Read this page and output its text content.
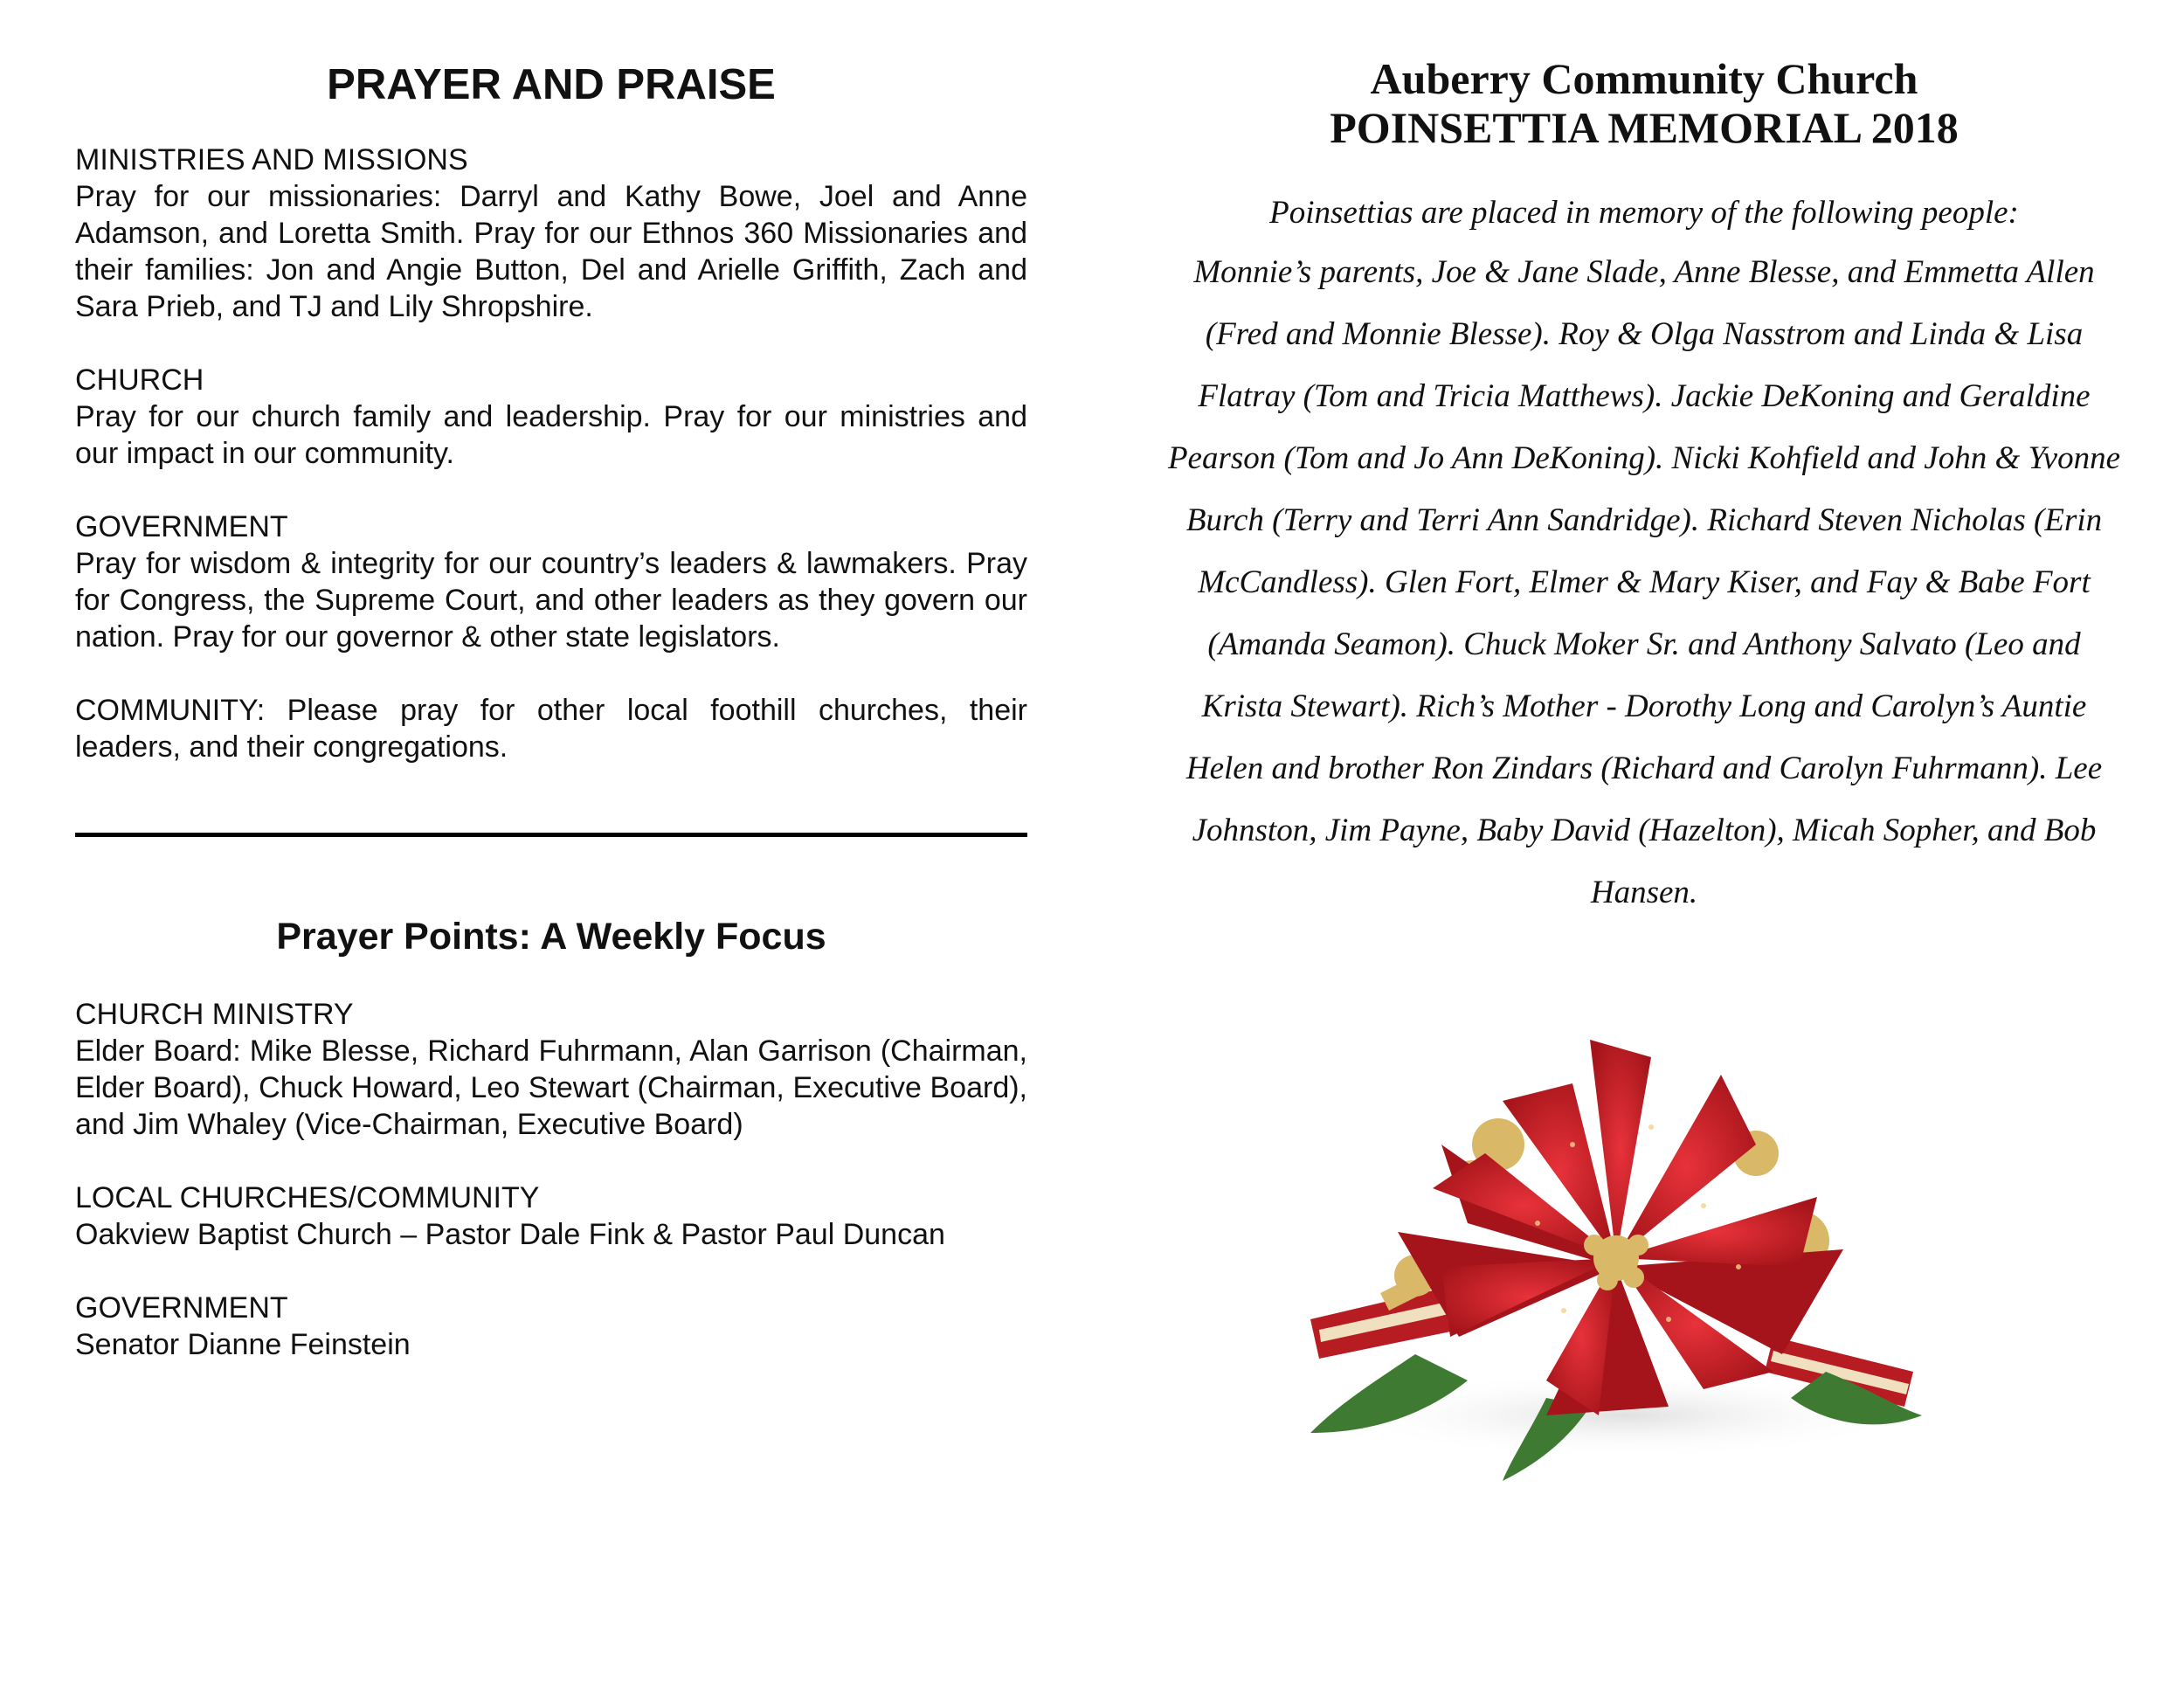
PRAYER AND PRAISE
MINISTRIES AND MISSIONS
Pray for our missionaries: Darryl and Kathy Bowe, Joel and Anne Adamson, and Loretta Smith. Pray for our Ethnos 360 Missionaries and their families: Jon and Angie Button, Del and Arielle Griffith, Zach and Sara Prieb, and TJ and Lily Shropshire.
CHURCH
Pray for our church family and leadership. Pray for our ministries and our impact in our community.
GOVERNMENT
Pray for wisdom & integrity for our country’s leaders & lawmakers. Pray for Congress, the Supreme Court, and other leaders as they govern our nation. Pray for our governor & other state legislators.
COMMUNITY: Please pray for other local foothill churches, their leaders, and their congregations.
Prayer Points: A Weekly Focus
CHURCH MINISTRY
Elder Board: Mike Blesse, Richard Fuhrmann, Alan Garrison (Chairman, Elder Board), Chuck Howard, Leo Stewart (Chairman, Executive Board), and Jim Whaley (Vice-Chairman, Executive Board)
LOCAL CHURCHES/COMMUNITY
Oakview Baptist Church – Pastor Dale Fink & Pastor Paul Duncan
GOVERNMENT
Senator Dianne Feinstein
Auberry Community Church
POINSETTIA MEMORIAL 2018
Poinsettias are placed in memory of the following people:
Monnie’s parents, Joe & Jane Slade, Anne Blesse, and Emmetta Allen (Fred and Monnie Blesse). Roy & Olga Nasstrom and Linda & Lisa Flatray (Tom and Tricia Matthews). Jackie DeKoning and Geraldine Pearson (Tom and Jo Ann DeKoning). Nicki Kohfield and John & Yvonne Burch (Terry and Terri Ann Sandridge). Richard Steven Nicholas (Erin McCandless). Glen Fort, Elmer & Mary Kiser, and Fay & Babe Fort (Amanda Seamon). Chuck Moker Sr. and Anthony Salvato (Leo and Krista Stewart). Rich’s Mother - Dorothy Long and Carolyn’s Auntie Helen and brother Ron Zindars (Richard and Carolyn Fuhrmann). Lee Johnston, Jim Payne, Baby David (Hazelton), Micah Sopher, and Bob Hansen.
